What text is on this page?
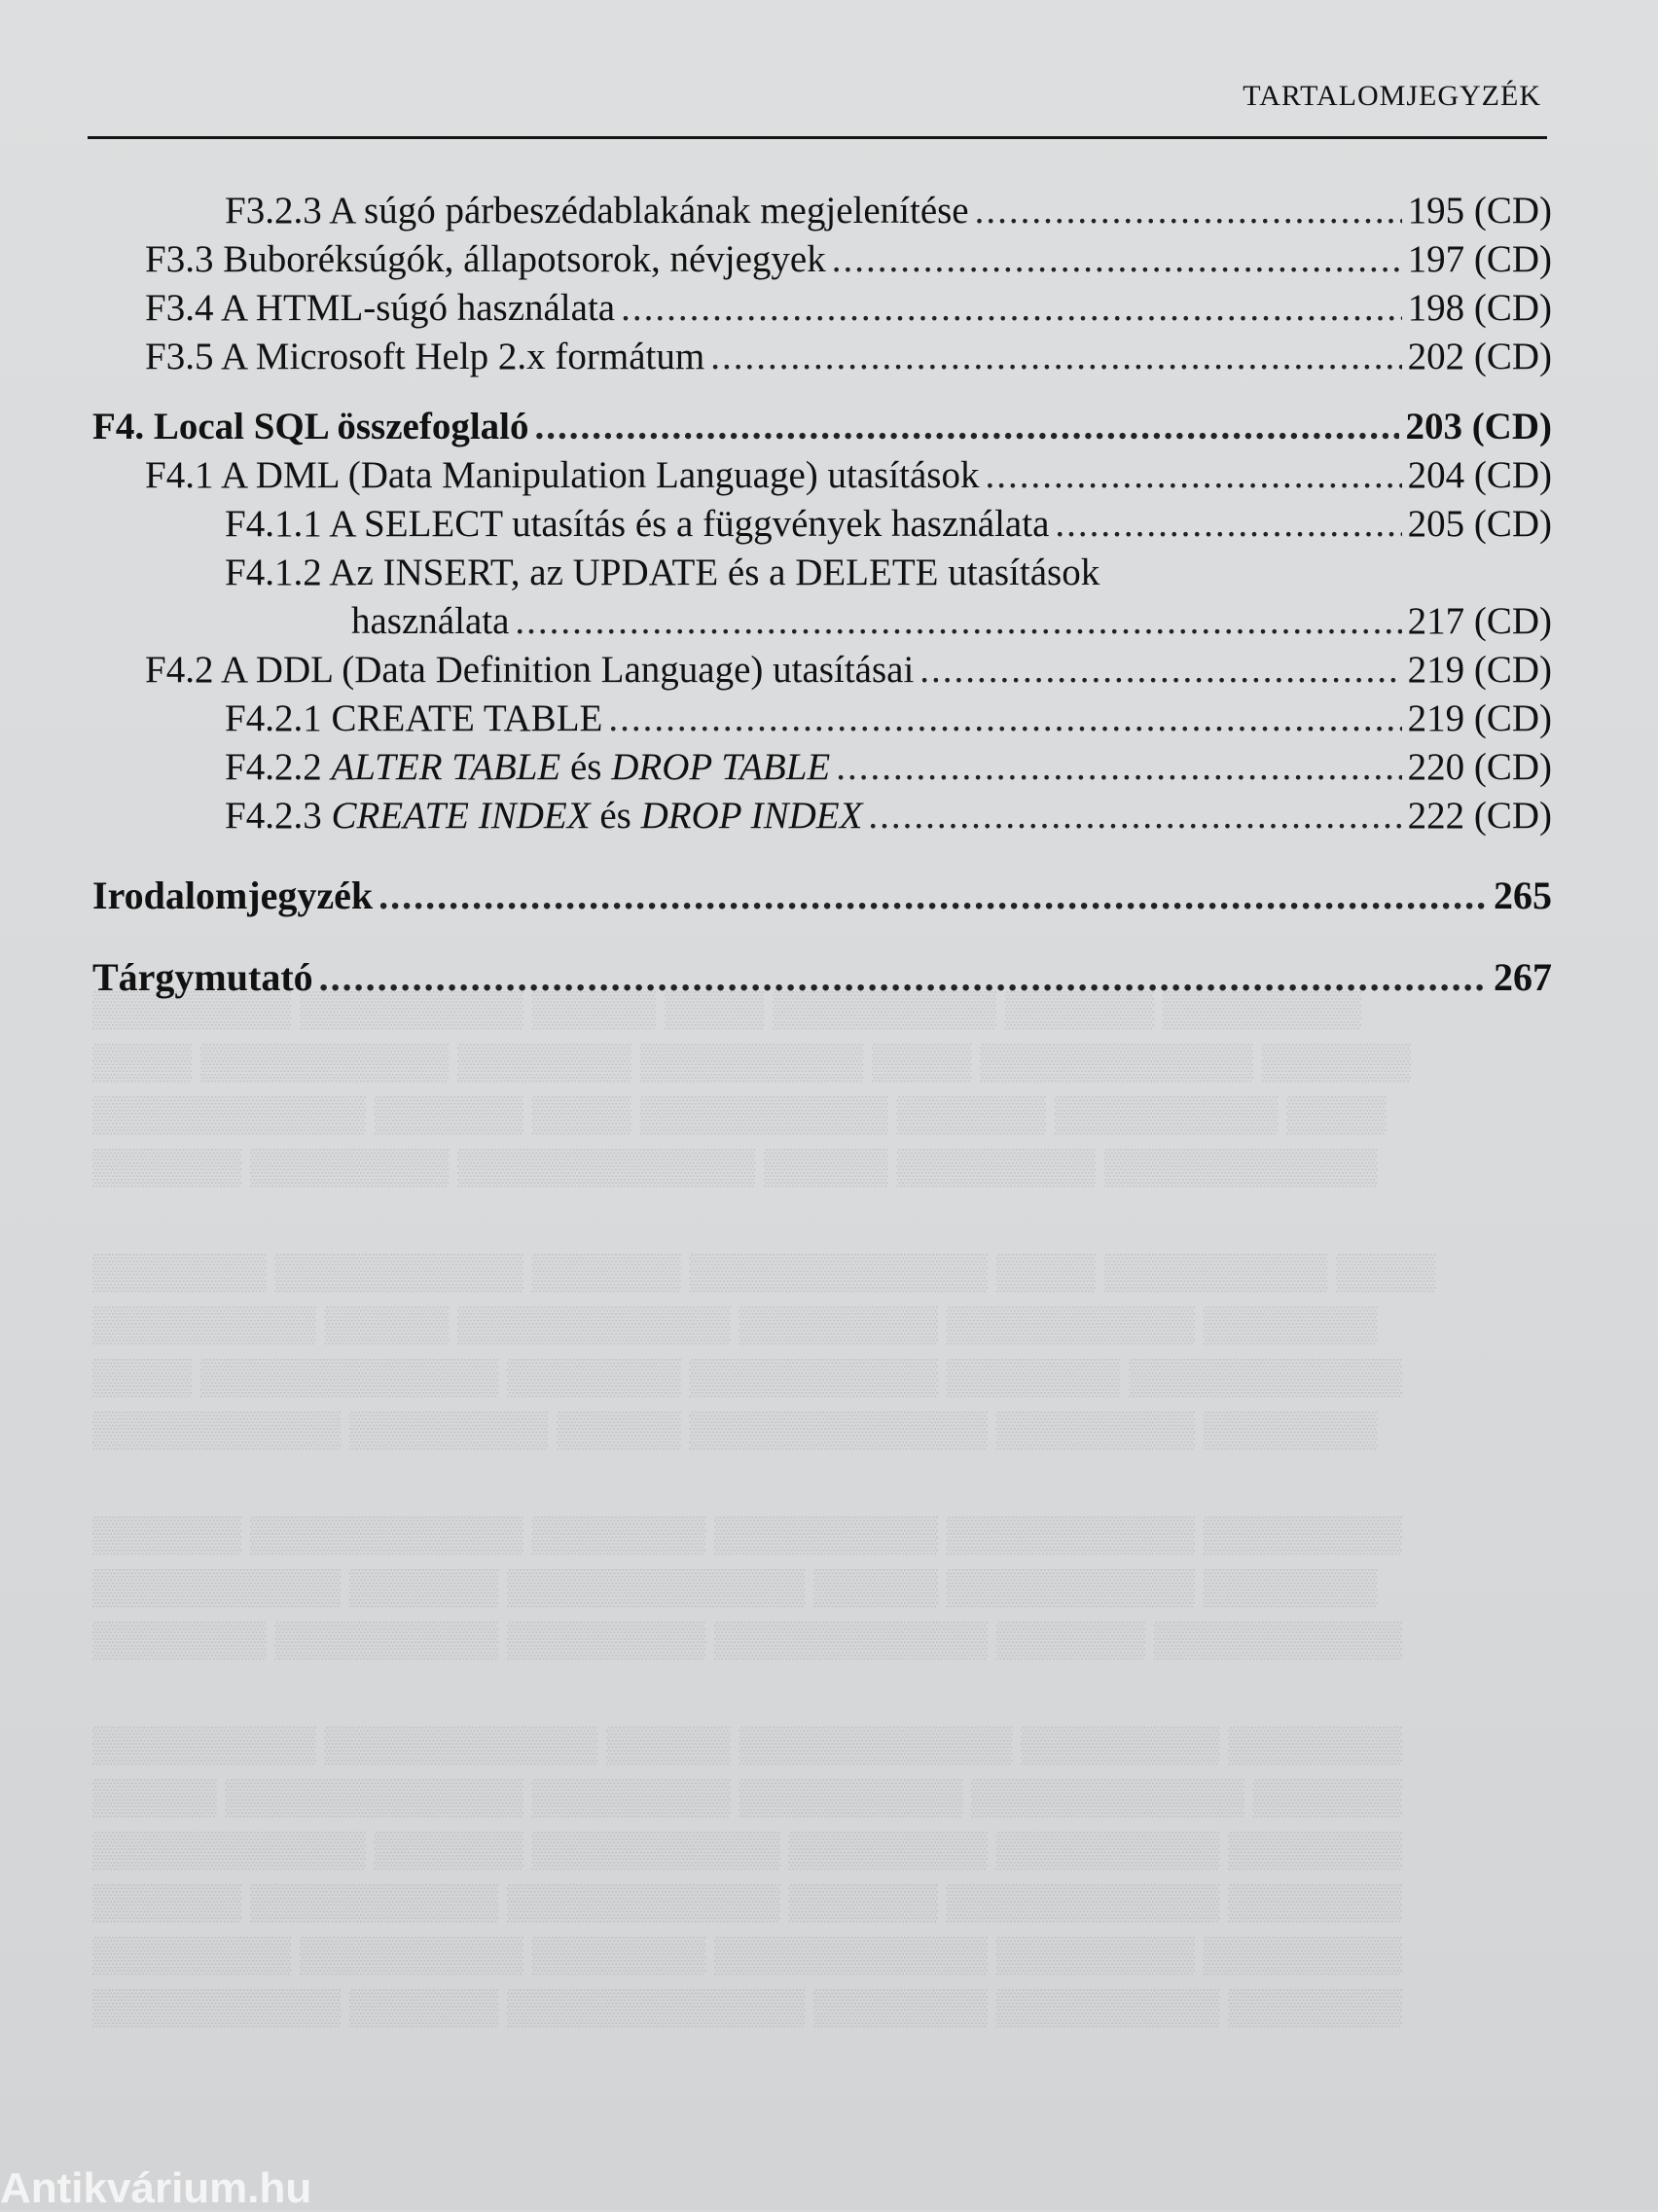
TARTALOMJEGYZÉK
F3.2.3 A súgó párbeszédablakának megjelenítése .....	195 (CD)
F3.3 Buboréksúgók, állapotsorok, névjegyek .....	197 (CD)
F3.4 A HTML-súgó használata .....	198 (CD)
F3.5 A Microsoft Help 2.x formátum .....	202 (CD)
F4. Local SQL összefoglaló .....	203 (CD)
F4.1 A DML (Data Manipulation Language) utasítások .....	204 (CD)
F4.1.1 A SELECT utasítás és a függvények használata .....	205 (CD)
F4.1.2 Az INSERT, az UPDATE és a DELETE utasítások
használata .....	217 (CD)
F4.2 A DDL (Data Definition Language) utasításai .....	219 (CD)
F4.2.1 CREATE TABLE .....	219 (CD)
F4.2.2 ALTER TABLE és DROP TABLE .....	220 (CD)
F4.2.3 CREATE INDEX és DROP INDEX .....	222 (CD)
Irodalomjegyzék .....	265
Tárgymutató .....	267
▒▒▒▒▒▒▒▒ ▒▒▒▒▒▒▒▒▒ ▒▒▒▒▒ ▒▒▒▒ ▒▒▒▒▒▒▒▒▒ ▒▒▒▒▒▒ ▒▒▒▒▒▒▒▒
▒▒▒▒ ▒▒▒▒▒▒▒▒▒▒ ▒▒▒▒▒▒▒ ▒▒▒▒▒▒▒▒▒ ▒▒▒▒ ▒▒▒▒▒▒▒▒▒▒▒ ▒▒▒▒▒▒
▒▒▒▒▒▒▒▒▒▒▒ ▒▒▒▒▒▒ ▒▒▒▒ ▒▒▒▒▒▒▒▒▒▒ ▒▒▒▒▒▒ ▒▒▒▒▒▒▒▒▒ ▒▒▒▒
▒▒▒▒▒▒ ▒▒▒▒▒▒▒▒ ▒▒▒▒▒▒▒▒▒▒▒▒ ▒▒▒▒▒ ▒▒▒▒▒▒▒▒ ▒▒▒▒▒▒▒▒▒▒▒

▒▒▒▒▒▒▒ ▒▒▒▒▒▒▒▒▒▒ ▒▒▒▒▒▒ ▒▒▒▒▒▒▒▒▒▒▒▒ ▒▒▒▒ ▒▒▒▒▒▒▒▒▒ ▒▒▒▒
▒▒▒▒▒▒▒▒▒ ▒▒▒▒▒ ▒▒▒▒▒▒▒▒▒▒▒ ▒▒▒▒▒▒▒▒ ▒▒▒▒▒▒▒▒▒▒ ▒▒▒▒▒▒▒
▒▒▒▒ ▒▒▒▒▒▒▒▒▒▒▒▒ ▒▒▒▒▒▒▒ ▒▒▒▒▒▒▒▒▒▒ ▒▒▒▒▒▒▒ ▒▒▒▒▒▒▒▒▒▒▒
▒▒▒▒▒▒▒▒▒▒ ▒▒▒▒▒▒▒▒ ▒▒▒▒▒ ▒▒▒▒▒▒▒▒▒▒▒▒ ▒▒▒▒▒▒▒▒ ▒▒▒▒▒▒▒

▒▒▒▒▒▒ ▒▒▒▒▒▒▒▒▒▒▒ ▒▒▒▒▒▒▒ ▒▒▒▒▒▒▒▒▒ ▒▒▒▒▒▒▒▒▒▒ ▒▒▒▒▒▒▒▒
▒▒▒▒▒▒▒▒▒▒ ▒▒▒▒▒▒ ▒▒▒▒▒▒▒▒▒▒▒▒ ▒▒▒▒▒ ▒▒▒▒▒▒▒▒▒▒ ▒▒▒▒▒▒▒
▒▒▒▒▒▒▒ ▒▒▒▒▒▒▒▒▒ ▒▒▒▒▒▒▒▒ ▒▒▒▒▒▒▒▒▒▒▒ ▒▒▒▒▒▒ ▒▒▒▒▒▒▒▒▒▒

▒▒▒▒▒▒▒▒▒ ▒▒▒▒▒▒▒▒▒▒▒ ▒▒▒▒▒ ▒▒▒▒▒▒▒▒▒▒▒ ▒▒▒▒▒▒▒▒ ▒▒▒▒▒▒▒
▒▒▒▒▒ ▒▒▒▒▒▒▒▒▒▒▒▒ ▒▒▒▒▒▒▒▒ ▒▒▒▒▒▒▒▒▒ ▒▒▒▒▒▒▒▒▒▒▒ ▒▒▒▒▒▒
▒▒▒▒▒▒▒▒▒▒▒ ▒▒▒▒▒▒ ▒▒▒▒▒▒▒▒▒▒ ▒▒▒▒▒▒▒▒ ▒▒▒▒▒▒▒▒▒ ▒▒▒▒▒▒▒
▒▒▒▒▒▒ ▒▒▒▒▒▒▒▒▒▒ ▒▒▒▒▒▒▒▒▒▒▒ ▒▒▒▒▒▒ ▒▒▒▒▒▒▒▒▒▒▒ ▒▒▒▒▒▒▒
▒▒▒▒▒▒▒▒ ▒▒▒▒▒▒▒▒▒ ▒▒▒▒▒▒▒ ▒▒▒▒▒▒▒▒▒▒▒ ▒▒▒▒▒▒▒▒ ▒▒▒▒▒▒▒▒
▒▒▒▒▒▒▒▒▒▒ ▒▒▒▒▒▒ ▒▒▒▒▒▒▒▒▒▒▒▒ ▒▒▒▒▒▒▒ ▒▒▒▒▒▒▒▒▒ ▒▒▒▒▒▒▒
Antikvárium.hu
